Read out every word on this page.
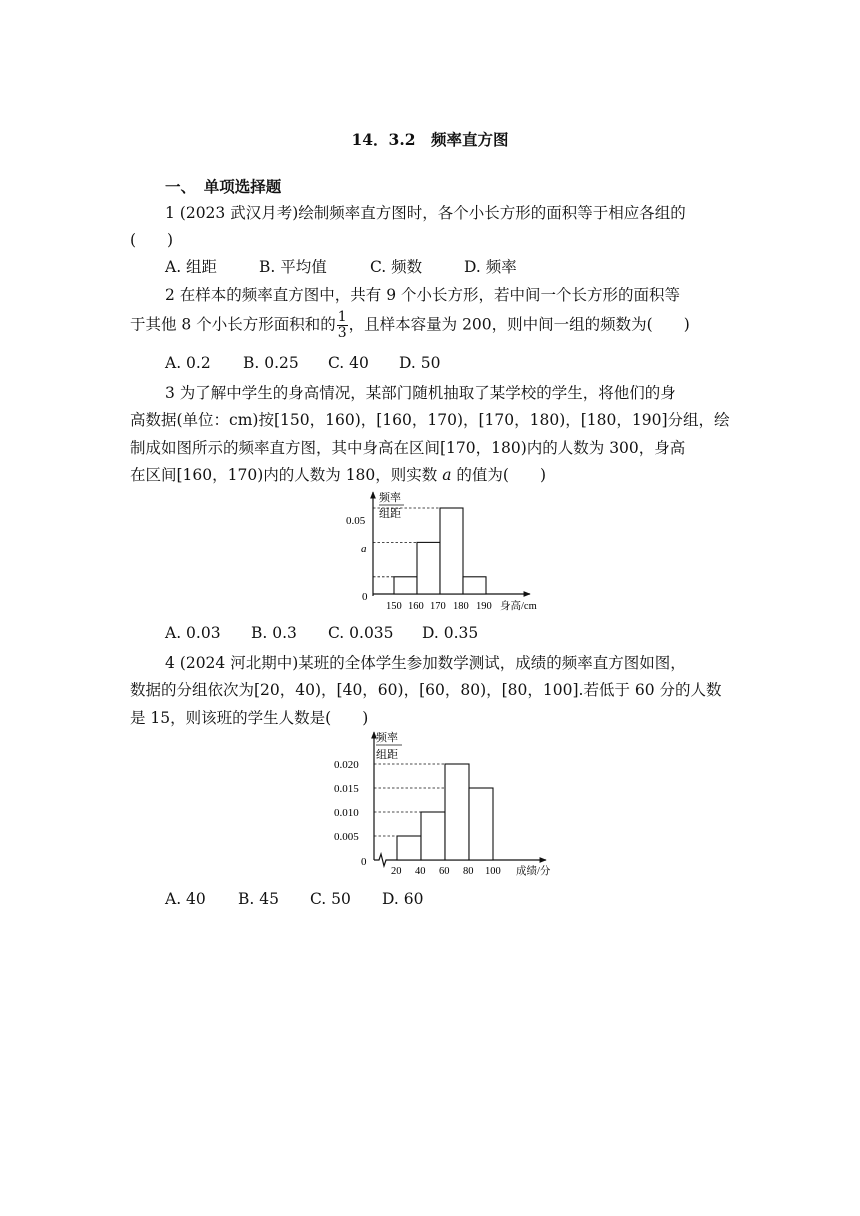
14．3.2　频率直方图
一、　单项选择题
1 (2023 武汉月考)绘制频率直方图时，各个小长方形的面积等于相应各组的
(　　)
A. 组距	B. 平均值	C. 频数	D. 频率
2 在样本的频率直方图中，共有 9 个小长方形，若中间一个长方形的面积等
于其他 8 个小长方形面积和的 $\frac{1}{3}$ ，且样本容量为 200，则中间一组的频数为(　　)
A. 0.2 B. 0.25 C. 40 D. 50
3 为了解中学生的身高情况，某部门随机抽取了某学校的学生，将他们的身
高数据(单位：cm)按[150，160)，[160，170)，[170，180)，[180，190]分组，绘
制成如图所示的频率直方图，其中身高在区间[170，180)内的人数为 300，身高
在区间[160，170)内的人数为 180，则实数 a 的值为(　　)
频率
组距
0
0.05
a
150 160 170 180 190 身高/cm
A. 0.03 B. 0.3 C. 0.035 D. 0.35
4 (2024 河北期中)某班的全体学生参加数学测试，成绩的频率直方图如图，
数据的分组依次为[20，40)，[40，60)，[60，80)，[80，100].若低于 60 分的人数
是 15，则该班的学生人数是(　　)
频率
组距
0
0.020
0.015
0.010
0.005
20 40 60 80 100 成绩/分
A. 40 B. 45 C. 50 D. 60
